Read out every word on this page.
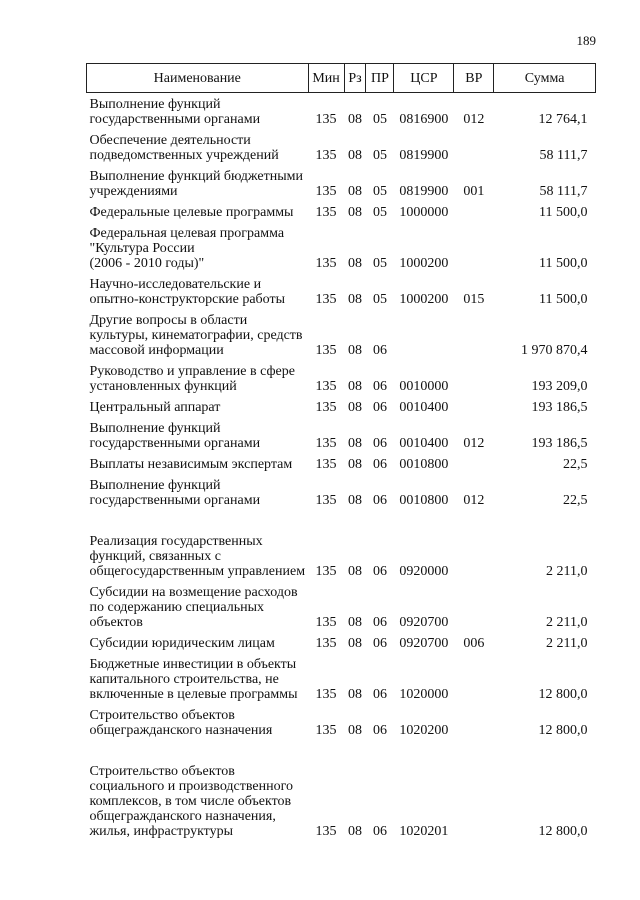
189
Наименование	Мин	Рз	ПР	ЦСР	ВР	Сумма
Выполнение функций
государственными органами	135	08	05	0816900	012	12 764,1
Обеспечение деятельности
подведомственных учреждений	135	08	05	0819900		58 111,7
Выполнение функций бюджетными
учреждениями	135	08	05	0819900	001	58 111,7
Федеральные целевые программы	135	08	05	1000000		11 500,0
Федеральная целевая программа
"Культура России
(2006 - 2010 годы)"	135	08	05	1000200		11 500,0
Научно-исследовательские и
опытно-конструкторские работы	135	08	05	1000200	015	11 500,0
Другие вопросы в области
культуры, кинематографии, средств
массовой информации	135	08	06			1 970 870,4
Руководство и управление в сфере
установленных функций	135	08	06	0010000		193 209,0
Центральный аппарат	135	08	06	0010400		193 186,5
Выполнение функций
государственными органами	135	08	06	0010400	012	193 186,5
Выплаты независимым экспертам	135	08	06	0010800		22,5
Выполнение функций
государственными органами	135	08	06	0010800	012	22,5

Реализация государственных
функций, связанных с
общегосударственным управлением	135	08	06	0920000		2 211,0
Субсидии на возмещение расходов
по содержанию специальных
объектов	135	08	06	0920700		2 211,0
Субсидии юридическим лицам	135	08	06	0920700	006	2 211,0
Бюджетные инвестиции в объекты
капитального строительства, не
включенные в целевые программы	135	08	06	1020000		12 800,0
Строительство объектов
общегражданского назначения	135	08	06	1020200		12 800,0

Строительство объектов
социального и производственного
комплексов, в том числе объектов
общегражданского назначения,
жилья, инфраструктуры	135	08	06	1020201		12 800,0
